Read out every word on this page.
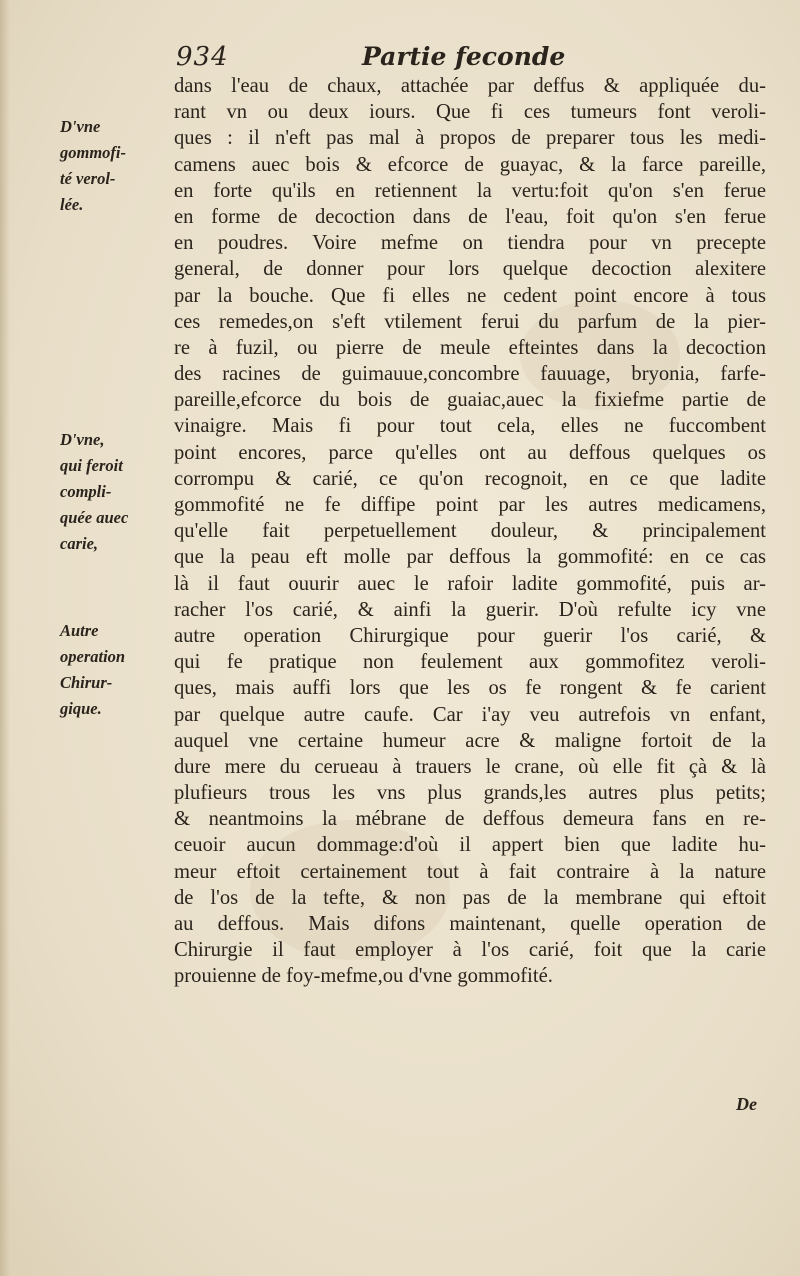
934	Partie feconde
D'vne
gommofi-
té verol-
lée.
D'vne,
qui feroit
compli-
quée auec
carie,
Autre
operation
Chirur-
gique.
dans l'eau de chaux, attachée par deffus & appliquée du-
rant vn ou deux iours. Que fi ces tumeurs font veroli-
ques : il n'eft pas mal à propos de preparer tous les medi-
camens auec bois & efcorce de guayac, & la farce pareille,
en forte qu'ils en retiennent la vertu:foit qu'on s'en ferue
en forme de decoction dans de l'eau, foit qu'on s'en ferue
en poudres. Voire mefme on tiendra pour vn precepte
general, de donner pour lors quelque decoction alexitere
par la bouche. Que fi elles ne cedent point encore à tous
ces remedes,on s'eft vtilement ferui du parfum de la pier-
re à fuzil, ou pierre de meule efteintes dans la decoction
des racines de guimauue,concombre fauuage, bryonia, farfe-
pareille,efcorce du bois de guaiac,auec la fixiefme partie de
vinaigre. Mais fi pour tout cela, elles ne fuccombent
point encores, parce qu'elles ont au deffous quelques os
corrompu & carié, ce qu'on recognoit, en ce que ladite
gommofité ne fe diffipe point par les autres medicamens,
qu'elle fait perpetuellement douleur, & principalement
que la peau eft molle par deffous la gommofité: en ce cas
là il faut ouurir auec le rafoir ladite gommofité, puis ar-
racher l'os carié, & ainfi la guerir. D'où refulte icy vne
autre operation Chirurgique pour guerir l'os carié, &
qui fe pratique non feulement aux gommofitez veroli-
ques, mais auffi lors que les os fe rongent & fe carient
par quelque autre caufe. Car i'ay veu autrefois vn enfant,
auquel vne certaine humeur acre & maligne fortoit de la
dure mere du cerueau à trauers le crane, où elle fit çà & là
plufieurs trous les vns plus grands,les autres plus petits;
& neantmoins la mébrane de deffous demeura fans en re-
ceuoir aucun dommage:d'où il appert bien que ladite hu-
meur eftoit certainement tout à fait contraire à la nature
de l'os de la tefte, & non pas de la membrane qui eftoit
au deffous. Mais difons maintenant, quelle operation de
Chirurgie il faut employer à l'os carié, foit que la carie
prouienne de foy-mefme,ou d'vne gommofité.
De
